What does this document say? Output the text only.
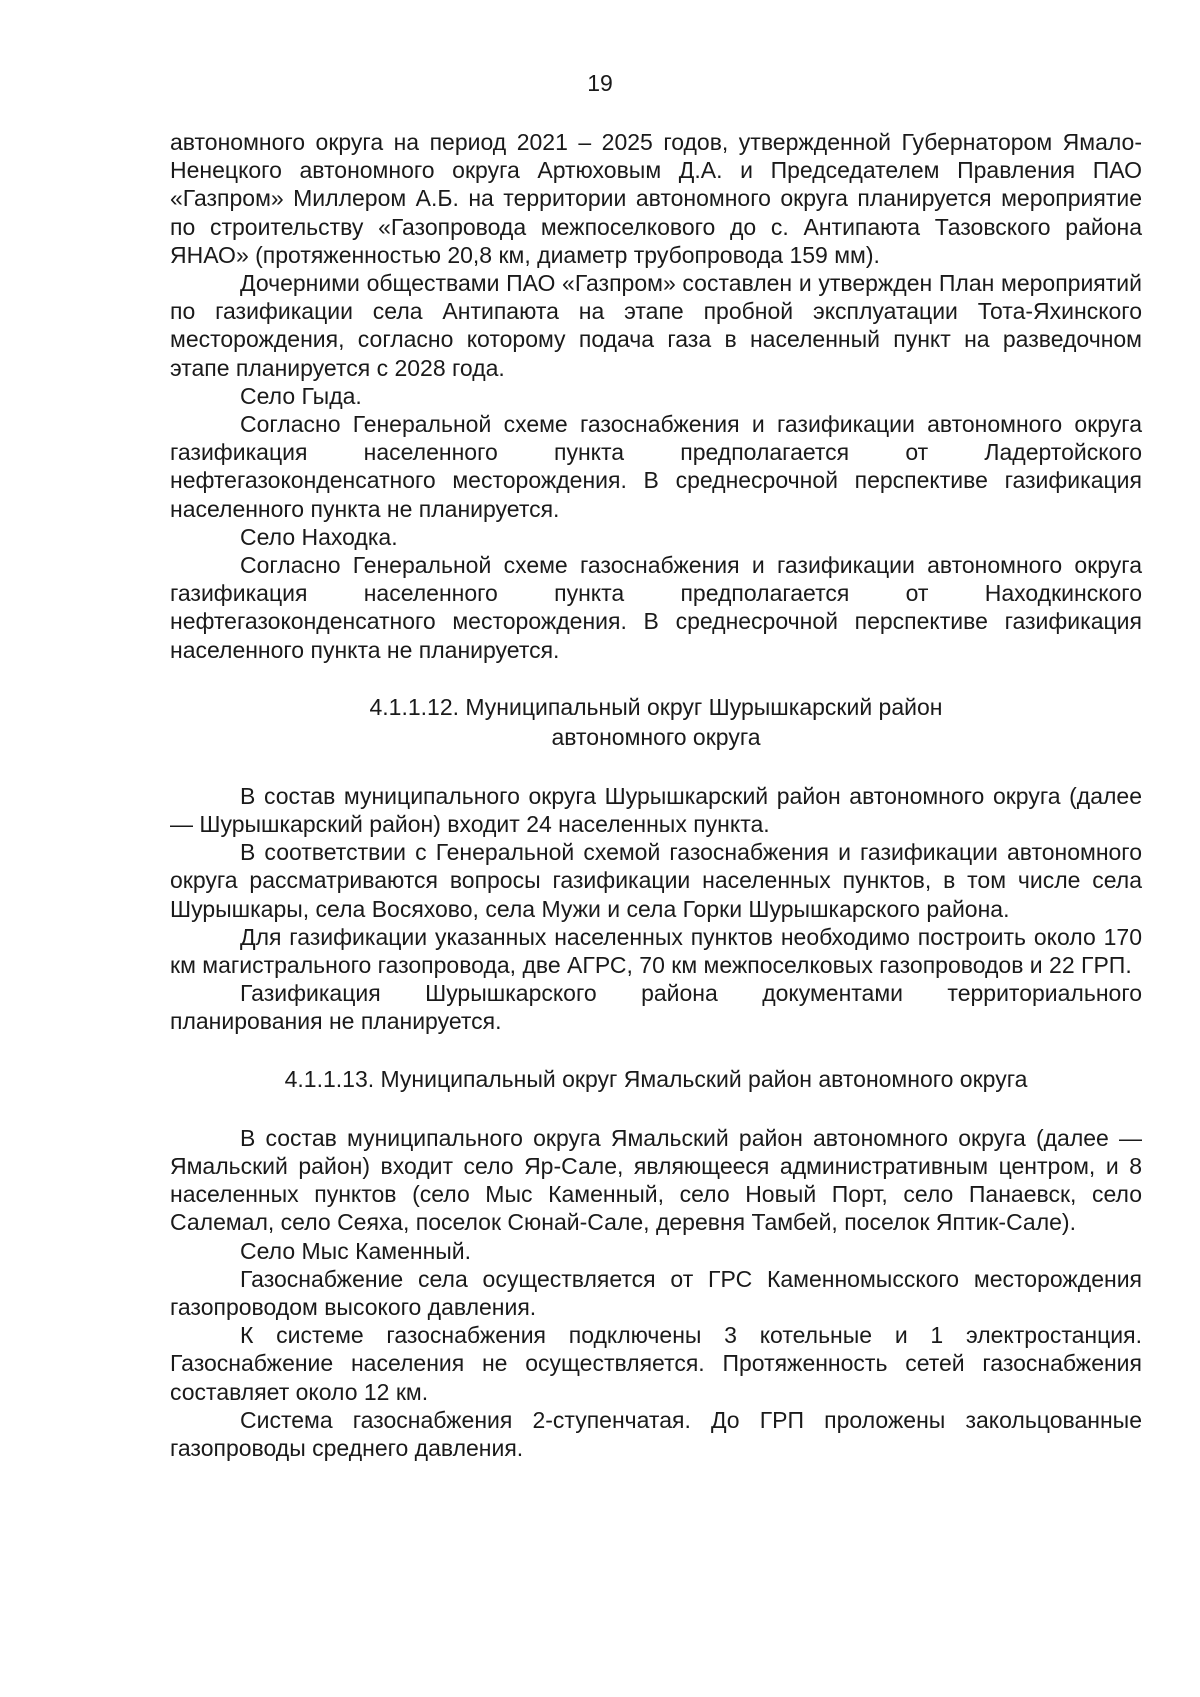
19

автономного округа на период 2021 – 2025 годов, утвержденной Губернатором Ямало-Ненецкого автономного округа Артюховым Д.А. и Председателем Правления ПАО «Газпром» Миллером А.Б. на территории автономного округа планируется мероприятие по строительству «Газопровода межпоселкового до с. Антипаюта Тазовского района ЯНАО» (протяженностью 20,8 км, диаметр трубопровода 159 мм).

Дочерними обществами ПАО «Газпром» составлен и утвержден План мероприятий по газификации села Антипаюта на этапе пробной эксплуатации Тота-Яхинского месторождения, согласно которому подача газа в населенный пункт на разведочном этапе планируется с 2028 года.

Село Гыда.

Согласно Генеральной схеме газоснабжения и газификации автономного округа газификация населенного пункта предполагается от Ладертойского нефтегазоконденсатного месторождения. В среднесрочной перспективе газификация населенного пункта не планируется.

Село Находка.

Согласно Генеральной схеме газоснабжения и газификации автономного округа газификация населенного пункта предполагается от Находкинского нефтегазоконденсатного месторождения. В среднесрочной перспективе газификация населенного пункта не планируется.

4.1.1.12. Муниципальный округ Шурышкарский район
автономного округа

В состав муниципального округа Шурышкарский район автономного округа (далее — Шурышкарский район) входит 24 населенных пункта.

В соответствии с Генеральной схемой газоснабжения и газификации автономного округа рассматриваются вопросы газификации населенных пунктов, в том числе села Шурышкары, села Восяхово, села Мужи и села Горки Шурышкарского района.

Для газификации указанных населенных пунктов необходимо построить около 170 км магистрального газопровода, две АГРС, 70 км межпоселковых газопроводов и 22 ГРП.

Газификация Шурышкарского района документами территориального планирования не планируется.

4.1.1.13. Муниципальный округ Ямальский район автономного округа

В состав муниципального округа Ямальский район автономного округа (далее — Ямальский район) входит село Яр-Сале, являющееся административным центром, и 8 населенных пунктов (село Мыс Каменный, село Новый Порт, село Панаевск, село Салемал, село Сеяха, поселок Сюнай-Сале, деревня Тамбей, поселок Яптик-Сале).

Село Мыс Каменный.

Газоснабжение села осуществляется от ГРС Каменномысского месторождения газопроводом высокого давления.

К системе газоснабжения подключены 3 котельные и 1 электростанция. Газоснабжение населения не осуществляется. Протяженность сетей газоснабжения составляет около 12 км.

Система газоснабжения 2-ступенчатая. До ГРП проложены закольцованные газопроводы среднего давления.
